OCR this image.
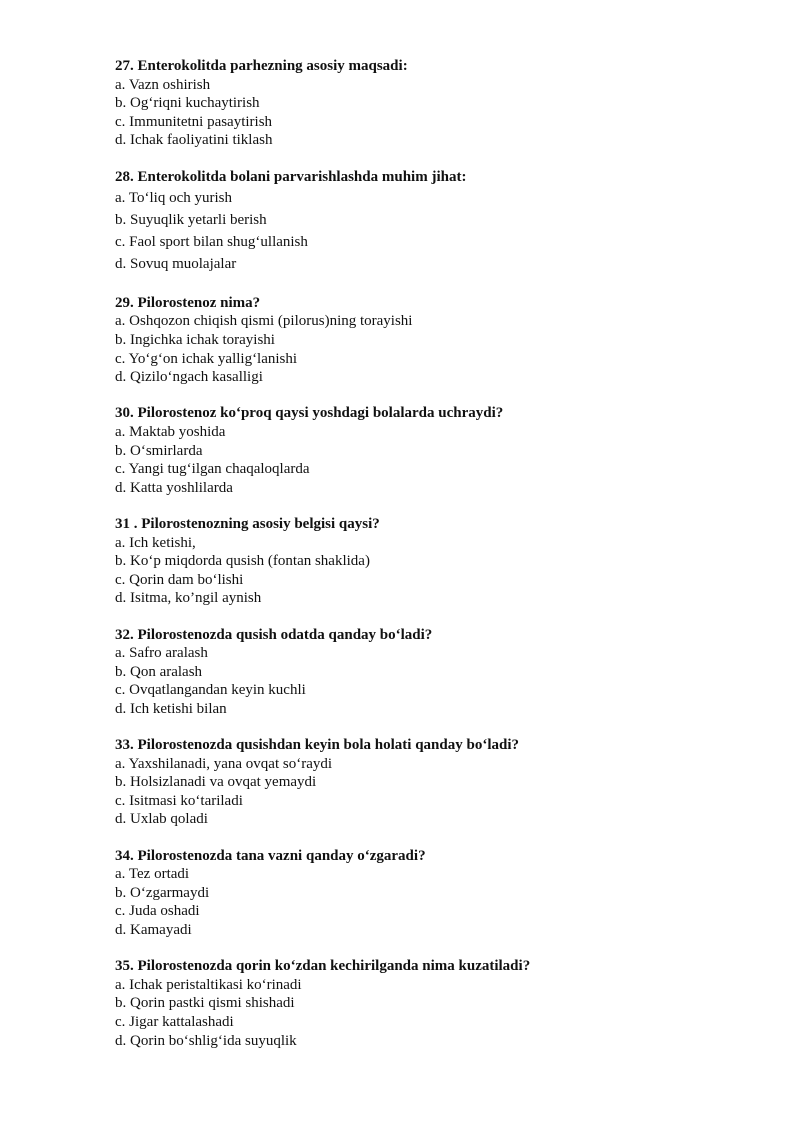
27. Enterokolitda parhezning asosiy maqsadi:

a. Vazn oshirish

b. Og‘riqni kuchaytirish

c. Immunitetni pasaytirish

d. Ichak faoliyatini tiklash

28. Enterokolitda bolani parvarishlashda muhim jihat:

a. To‘liq och yurish

b. Suyuqlik yetarli berish

c. Faol sport bilan shug‘ullanish

d. Sovuq muolajalar

29. Pilorostenoz nima?

a. Oshqozon chiqish qismi (pilorus)ning torayishi

b. Ingichka ichak torayishi

c. Yo‘g‘on ichak yallig‘lanishi

d. Qizilo‘ngach kasalligi

30. Pilorostenoz ko‘proq qaysi yoshdagi bolalarda uchraydi?

a. Maktab yoshida

b. O‘smirlarda

c. Yangi tug‘ilgan chaqaloqlarda

d. Katta yoshlilarda

31 . Pilorostenozning asosiy belgisi qaysi?

a. Ich ketishi,

b. Ko‘p miqdorda qusish (fontan shaklida)

c. Qorin dam bo‘lishi

d. Isitma, ko’ngil aynish

32. Pilorostenozda qusish odatda qanday bo‘ladi?

a. Safro aralash

b. Qon aralash

c. Ovqatlangandan keyin kuchli

d. Ich ketishi bilan

33. Pilorostenozda qusishdan keyin bola holati qanday bo‘ladi?

a. Yaxshilanadi, yana ovqat so‘raydi

b. Holsizlanadi va ovqat yemaydi

c. Isitmasi ko‘tariladi

d. Uxlab qoladi

34. Pilorostenozda tana vazni qanday o‘zgaradi?

a. Tez ortadi

b. O‘zgarmaydi

c. Juda oshadi

d. Kamayadi

35. Pilorostenozda qorin ko‘zdan kechirilganda nima kuzatiladi?

a. Ichak peristaltikasi ko‘rinadi

b. Qorin pastki qismi shishadi

c. Jigar kattalashadi

d. Qorin bo‘shlig‘ida suyuqlik
